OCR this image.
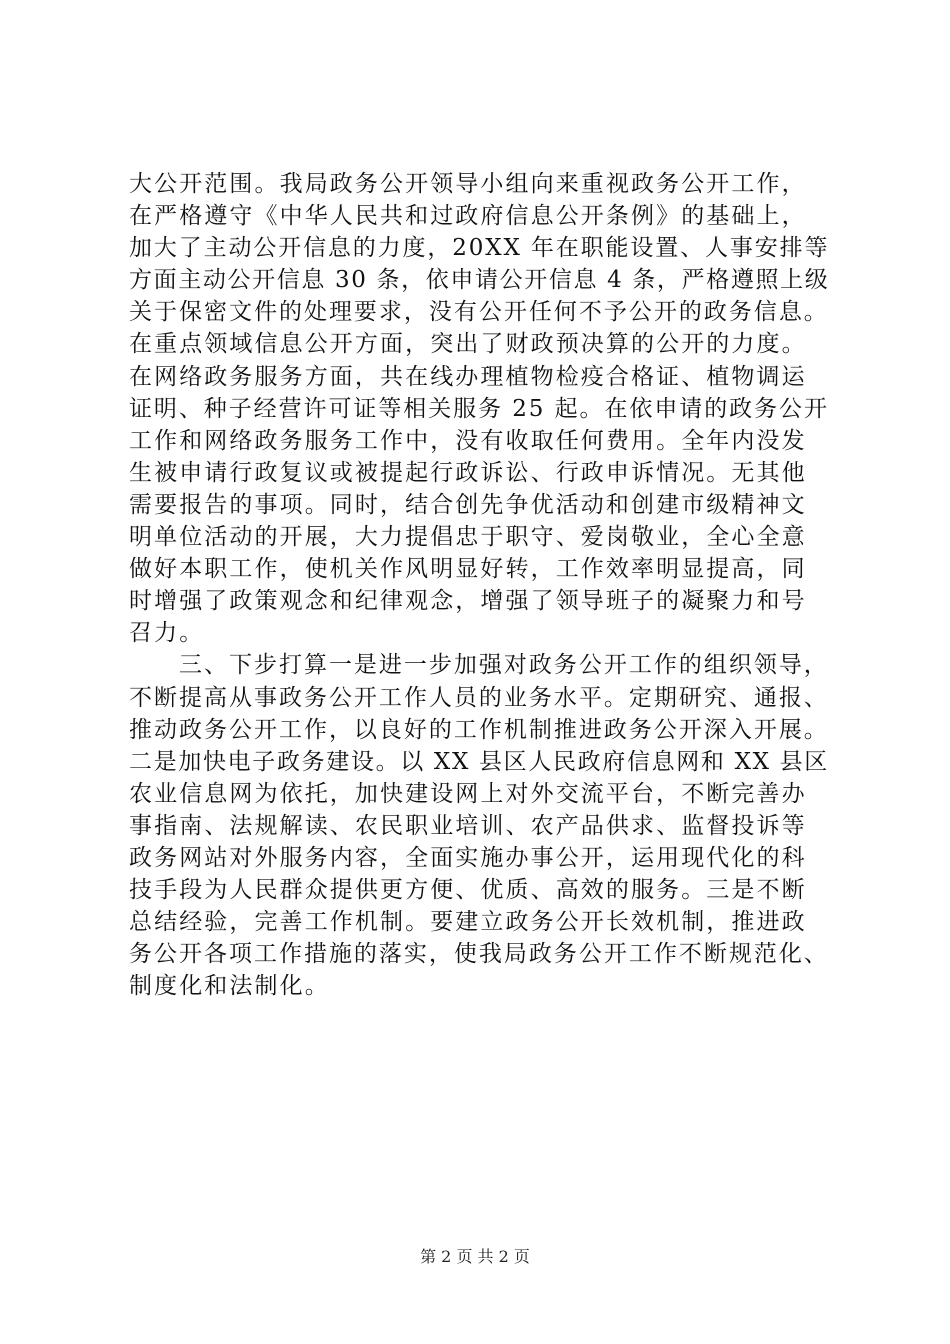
大公开范围。我局政务公开领导小组向来重视政务公开工作，
在严格遵守《中华人民共和过政府信息公开条例》的基础上，
加大了主动公开信息的力度，20XX 年在职能设置、人事安排等
方面主动公开信息 30 条，依申请公开信息 4 条，严格遵照上级
关于保密文件的处理要求，没有公开任何不予公开的政务信息。
在重点领域信息公开方面，突出了财政预决算的公开的力度。
在网络政务服务方面，共在线办理植物检疫合格证、植物调运
证明、种子经营许可证等相关服务 25 起。在依申请的政务公开
工作和网络政务服务工作中，没有收取任何费用。全年内没发
生被申请行政复议或被提起行政诉讼、行政申诉情况。无其他
需要报告的事项。同时，结合创先争优活动和创建市级精神文
明单位活动的开展，大力提倡忠于职守、爱岗敬业，全心全意
做好本职工作，使机关作风明显好转，工作效率明显提高，同
时增强了政策观念和纪律观念，增强了领导班子的凝聚力和号
召力。
　　三、下步打算一是进一步加强对政务公开工作的组织领导，
不断提高从事政务公开工作人员的业务水平。定期研究、通报、
推动政务公开工作，以良好的工作机制推进政务公开深入开展。
二是加快电子政务建设。以 XX 县区人民政府信息网和 XX 县区
农业信息网为依托，加快建设网上对外交流平台，不断完善办
事指南、法规解读、农民职业培训、农产品供求、监督投诉等
政务网站对外服务内容，全面实施办事公开，运用现代化的科
技手段为人民群众提供更方便、优质、高效的服务。三是不断
总结经验，完善工作机制。要建立政务公开长效机制，推进政
务公开各项工作措施的落实，使我局政务公开工作不断规范化、
制度化和法制化。
第 2 页 共 2 页
